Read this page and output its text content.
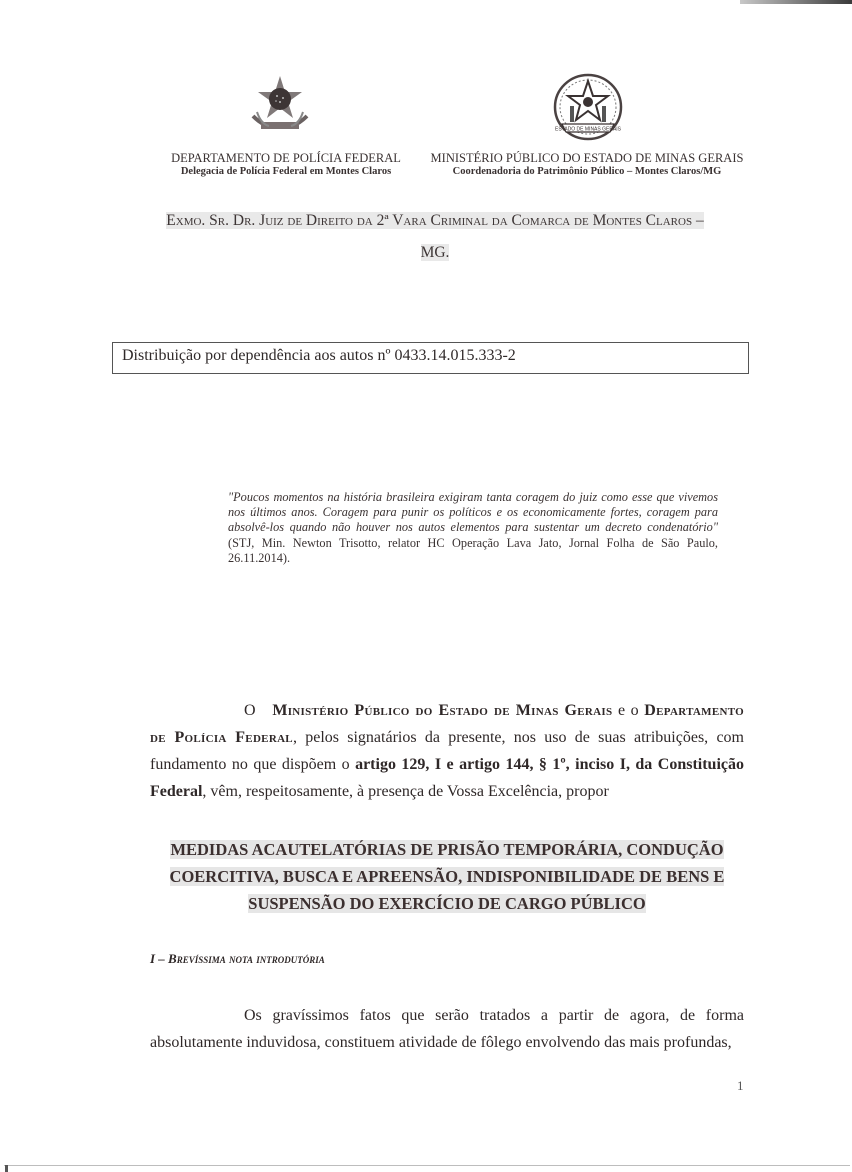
ESTADO DE MINAS GERAIS
DEPARTAMENTO DE POLÍCIA FEDERAL
Delegacia de Polícia Federal em Montes Claros
MINISTÉRIO PÚBLICO DO ESTADO DE MINAS GERAIS
Coordenadoria do Patrimônio Público – Montes Claros/MG
Exmo. Sr. Dr. Juiz de Direito da 2ª Vara Criminal da Comarca de Montes Claros –
MG.
Distribuição por dependência aos autos nº 0433.14.015.333-2
"Poucos momentos na história brasileira exigiram tanta coragem do juiz como esse que vivemos nos últimos anos. Coragem para punir os políticos e os economicamente fortes, coragem para absolvê-los quando não houver nos autos elementos para sustentar um decreto condenatório" (STJ, Min. Newton Trisotto, relator HC Operação Lava Jato, Jornal Folha de São Paulo, 26.11.2014).
O Ministério Público do Estado de Minas Gerais e o Departamento de Polícia Federal, pelos signatários da presente, nos uso de suas atribuições, com fundamento no que dispõem o artigo 129, I e artigo 144, § 1º, inciso I, da Constituição Federal, vêm, respeitosamente, à presença de Vossa Excelência, propor
MEDIDAS ACAUTELATÓRIAS DE PRISÃO TEMPORÁRIA, CONDUÇÃO
COERCITIVA, BUSCA E APREENSÃO, INDISPONIBILIDADE DE BENS E
SUSPENSÃO DO EXERCÍCIO DE CARGO PÚBLICO
I – Brevíssima nota introdutória
Os gravíssimos fatos que serão tratados a partir de agora, de forma absolutamente induvidosa, constituem atividade de fôlego envolvendo das mais profundas,
1
